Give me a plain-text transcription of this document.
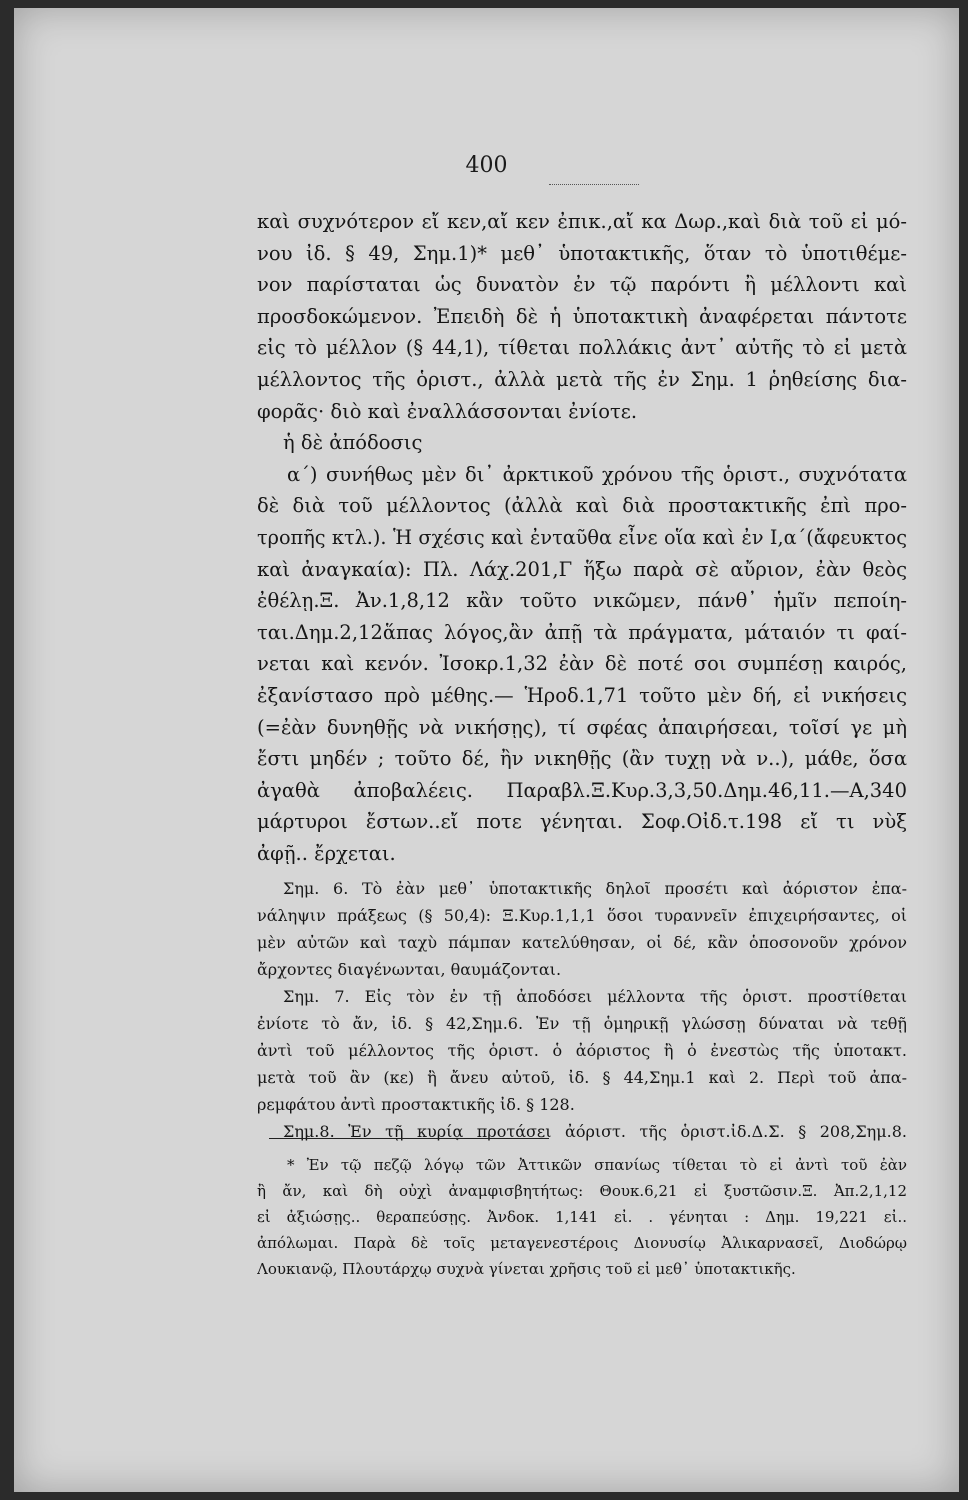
400
καὶ συχνότερον εἴ κεν,αἴ κεν ἐπικ.,αἴ κα Δωρ.,καὶ διὰ τοῦ εἰ μό-
νου ἰδ. § 49, Σημ.1)* μεθ᾽ ὑποτακτικῆς, ὅταν τὸ ὑποτιθέμε-
νον παρίσταται ὡς δυνατὸν ἐν τῷ παρόντι ἢ μέλλοντι καὶ
προσδοκώμενον. Ἐπειδὴ δὲ ἡ ὑποτακτικὴ ἀναφέρεται πάντοτε
εἰς τὸ μέλλον (§ 44,1), τίθεται πολλάκις ἀντ᾽ αὐτῆς τὸ εἰ μετὰ
μέλλοντος τῆς ὁριστ., ἀλλὰ μετὰ τῆς ἐν Σημ. 1 ῥηθείσης δια-
φορᾶς· διὸ καὶ ἐναλλάσσονται ἐνίοτε.
ἡ δὲ ἀπόδοσις
α΄) συνήθως μὲν δι᾽ ἀρκτικοῦ χρόνου τῆς ὁριστ., συχνότατα
δὲ διὰ τοῦ μέλλοντος (ἀλλὰ καὶ διὰ προστακτικῆς ἐπὶ προ-
τροπῆς κτλ.). Ἡ σχέσις καὶ ἐνταῦθα εἶνε οἵα καὶ ἐν Ι,α΄(ἄφευκτος
καὶ ἀναγκαία): Πλ. Λάχ.201,Γ ἥξω παρὰ σὲ αὔριον, ἐὰν θεὸς
ἐθέλῃ.Ξ. Ἀν.1,8,12 κἂν τοῦτο νικῶμεν, πάνθ᾽ ἡμῖν πεποίη-
ται.Δημ.2,12ἅπας λόγος,ἂν ἀπῇ τὰ πράγματα, μάταιόν τι φαί-
νεται καὶ κενόν. Ἰσοκρ.1,32 ἐὰν δὲ ποτέ σοι συμπέσῃ καιρός,
ἐξανίστασο πρὸ μέθης.— Ἡροδ.1,71 τοῦτο μὲν δή, εἰ νικήσεις
(=ἐὰν δυνηθῇς νὰ νικήσῃς), τί σφέας ἀπαιρήσεαι, τοῖσί γε μὴ
ἔστι μηδέν ; τοῦτο δέ, ἢν νικηθῇς (ἂν τυχῃ νὰ ν..), μάθε, ὅσα
ἀγαθὰ ἀποβαλέεις. Παραβλ.Ξ.Κυρ.3,3,50.Δημ.46,11.—Α,340
μάρτυροι ἔστων..εἴ ποτε γένηται. Σοφ.Οἰδ.τ.198 εἴ τι νὺξ
ἀφῇ.. ἔρχεται.
Σημ. 6. Τὸ ἐὰν μεθ᾽ ὑποτακτικῆς δηλοῖ προσέτι καὶ ἀόριστον ἐπα-
νάληψιν πράξεως (§ 50,4): Ξ.Κυρ.1,1,1 ὅσοι τυραννεῖν ἐπιχειρήσαντες, οἱ
μὲν αὐτῶν καὶ ταχὺ πάμπαν κατελύθησαν, οἱ δέ, κἂν ὁποσονοῦν χρόνον
ἄρχοντες διαγένωνται, θαυμάζονται.
Σημ. 7. Εἰς τὸν ἐν τῇ ἀποδόσει μέλλοντα τῆς ὁριστ. προστίθεται
ἐνίοτε τὸ ἄν, ἰδ. § 42,Σημ.6. Ἐν τῇ ὁμηρικῇ γλώσσῃ δύναται νὰ τεθῇ
ἀντὶ τοῦ μέλλοντος τῆς ὁριστ. ὁ ἀόριστος ἢ ὁ ἐνεστὼς τῆς ὑποτακτ.
μετὰ τοῦ ἂν (κε) ἢ ἄνευ αὐτοῦ, ἰδ. § 44,Σημ.1 καὶ 2. Περὶ τοῦ ἀπα-
ρεμφάτου ἀντὶ προστακτικῆς ἰδ. § 128.
Σημ.8. Ἐν τῇ κυρίᾳ προτάσει ἀόριστ. τῆς ὁριστ.ἰδ.Δ.Σ. § 208,Σημ.8.
* Ἐν τῷ πεζῷ λόγῳ τῶν Ἀττικῶν σπανίως τίθεται τὸ εἰ ἀντὶ τοῦ ἐὰν
ἢ ἄν, καὶ δὴ οὐχὶ ἀναμφισβητήτως: Θουκ.6,21 εἰ ξυστῶσιν.Ξ. Ἀπ.2,1,12
εἰ ἀξιώσῃς.. θεραπεύσῃς. Ἀνδοκ. 1,141 εἰ. . γένηται : Δημ. 19,221 εἰ..
ἀπόλωμαι. Παρὰ δὲ τοῖς μεταγενεστέροις Διονυσίῳ Ἀλικαρνασεῖ, Διοδώρῳ
Λουκιανῷ, Πλουτάρχῳ συχνὰ γίνεται χρῆσις τοῦ εἰ μεθ᾽ ὑποτακτικῆς.
